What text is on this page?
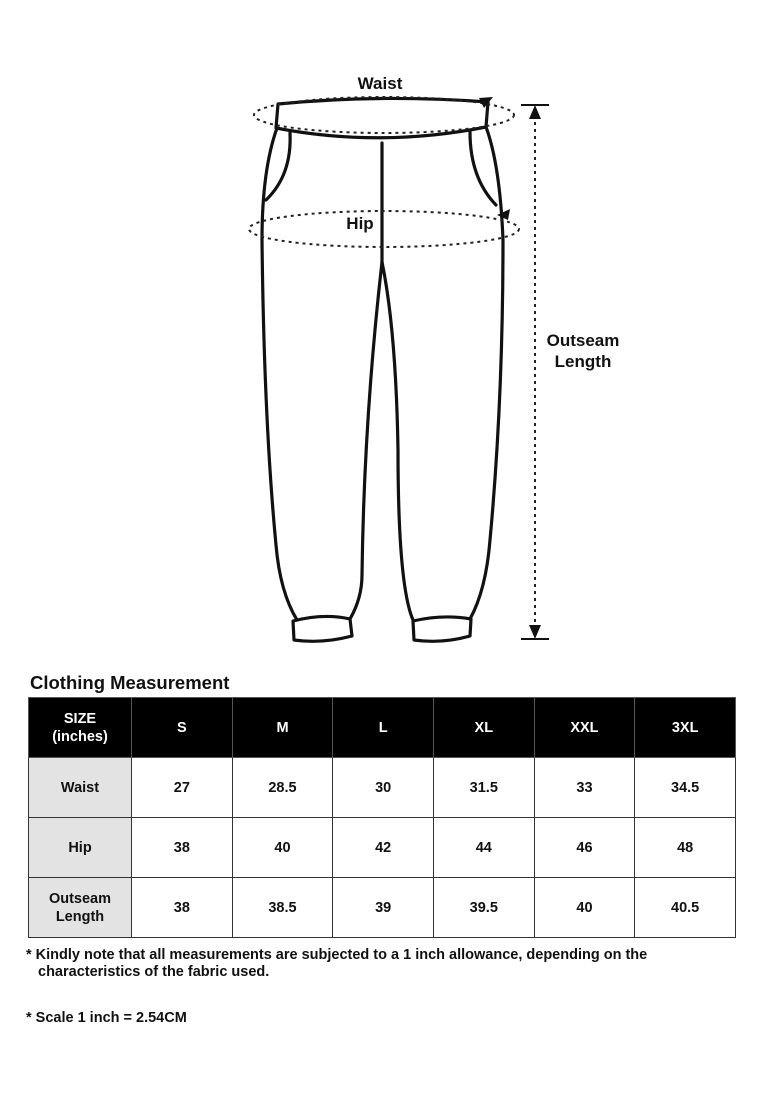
Waist
Hip
Outseam
Length
Clothing Measurement
SIZE
(inches)	S	M	L	XL	XXL	3XL
Waist	27	28.5	30	31.5	33	34.5
Hip	38	40	42	44	46	48
Outseam
Length	38	38.5	39	39.5	40	40.5
* Kindly note that all measurements are subjected to a 1 inch allowance, depending on the
characteristics of the fabric used.
* Scale 1 inch = 2.54CM
